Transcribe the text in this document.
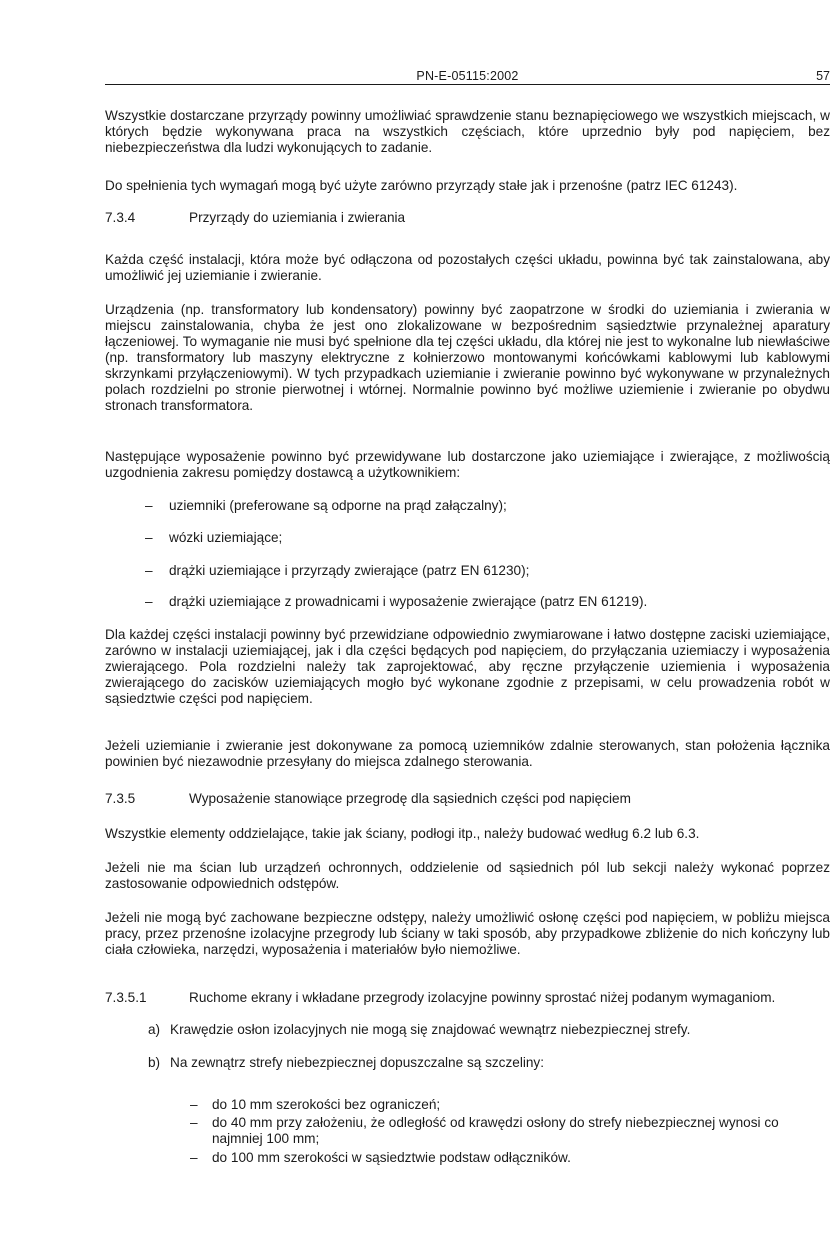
PN-E-05115:2002	57

Wszystkie dostarczane przyrządy powinny umożliwiać sprawdzenie stanu beznapięciowego we wszystkich miejscach, w których będzie wykonywana praca na wszystkich częściach, które uprzednio były pod napięciem, bez niebezpieczeństwa dla ludzi wykonujących to zadanie.

Do spełnienia tych wymagań mogą być użyte zarówno przyrządy stałe jak i przenośne (patrz IEC 61243).

7.3.4	Przyrządy do uziemiania i zwierania

Każda część instalacji, która może być odłączona od pozostałych części układu, powinna być tak zainstalowana, aby umożliwić jej uziemianie i zwieranie.

Urządzenia (np. transformatory lub kondensatory) powinny być zaopatrzone w środki do uziemiania i zwierania w miejscu zainstalowania, chyba że jest ono zlokalizowane w bezpośrednim sąsiedztwie przynależnej aparatury łączeniowej. To wymaganie nie musi być spełnione dla tej części układu, dla której nie jest to wykonalne lub niewłaściwe (np. transformatory lub maszyny elektryczne z kołnierzowo montowanymi końcówkami kablowymi lub kablowymi skrzynkami przyłączeniowymi). W tych przypadkach uziemianie i zwieranie powinno być wykonywane w przynależnych polach rozdzielni po stronie pierwotnej i wtórnej. Normalnie powinno być możliwe uziemienie i zwieranie po obydwu stronach transformatora.

Następujące wyposażenie powinno być przewidywane lub dostarczone jako uziemiające i zwierające, z możliwością uzgodnienia zakresu pomiędzy dostawcą a użytkownikiem:

– uziemniki (preferowane są odporne na prąd załączalny);
– wózki uziemiające;
– drążki uziemiające i przyrządy zwierające (patrz EN 61230);
– drążki uziemiające z prowadnicami i wyposażenie zwierające (patrz EN 61219).

Dla każdej części instalacji powinny być przewidziane odpowiednio zwymiarowane i łatwo dostępne zaciski uziemiające, zarówno w instalacji uziemiającej, jak i dla części będących pod napięciem, do przyłączania uziemiaczy i wyposażenia zwierającego. Pola rozdzielni należy tak zaprojektować, aby ręczne przyłączenie uziemienia i wyposażenia zwierającego do zacisków uziemiających mogło być wykonane zgodnie z przepisami, w celu prowadzenia robót w sąsiedztwie części pod napięciem.

Jeżeli uziemianie i zwieranie jest dokonywane za pomocą uziemników zdalnie sterowanych, stan położenia łącznika powinien być niezawodnie przesyłany do miejsca zdalnego sterowania.

7.3.5	Wyposażenie stanowiące przegrodę dla sąsiednich części pod napięciem

Wszystkie elementy oddzielające, takie jak ściany, podłogi itp., należy budować według 6.2 lub 6.3.

Jeżeli nie ma ścian lub urządzeń ochronnych, oddzielenie od sąsiednich pól lub sekcji należy wykonać poprzez zastosowanie odpowiednich odstępów.

Jeżeli nie mogą być zachowane bezpieczne odstępy, należy umożliwić osłonę części pod napięciem, w pobliżu miejsca pracy, przez przenośne izolacyjne przegrody lub ściany w taki sposób, aby przypadkowe zbliżenie do nich kończyny lub ciała człowieka, narzędzi, wyposażenia i materiałów było niemożliwe.

7.3.5.1	Ruchome ekrany i wkładane przegrody izolacyjne powinny sprostać niżej podanym wymaganiom.
a) Krawędzie osłon izolacyjnych nie mogą się znajdować wewnątrz niebezpiecznej strefy.
b) Na zewnątrz strefy niebezpiecznej dopuszczalne są szczeliny:
– do 10 mm szerokości bez ograniczeń;
– do 40 mm przy założeniu, że odległość od krawędzi osłony do strefy niebezpiecznej wynosi co najmniej 100 mm;
– do 100 mm szerokości w sąsiedztwie podstaw odłączników.
